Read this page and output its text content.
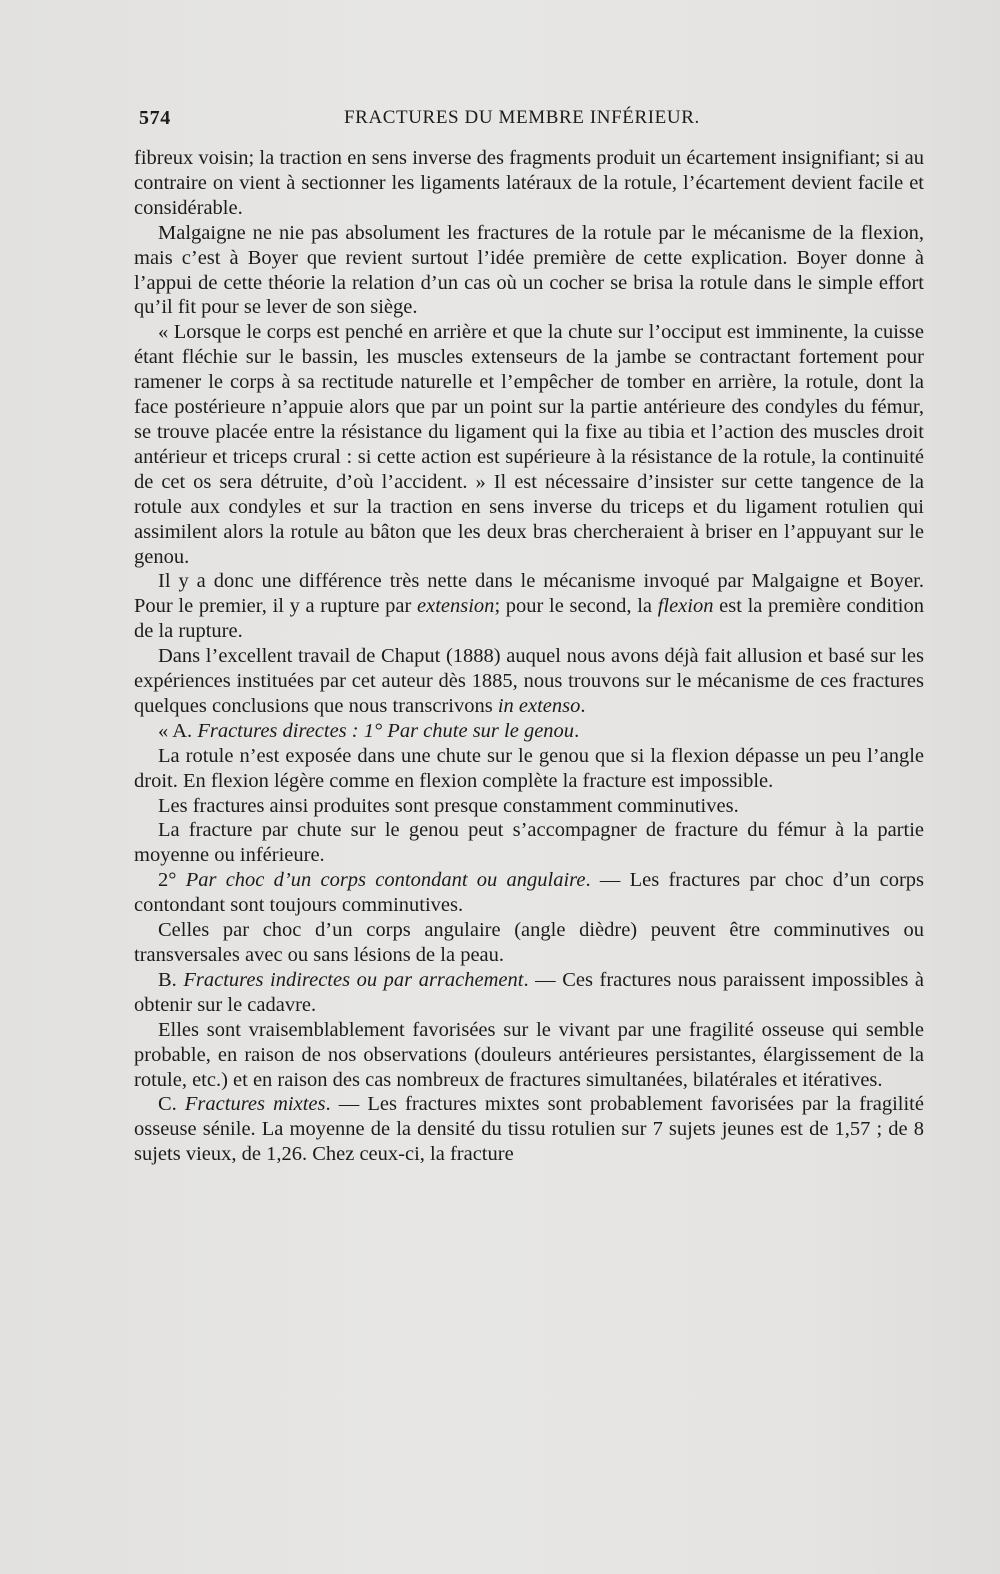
574	FRACTURES DU MEMBRE INFÉRIEUR.

fibreux voisin; la traction en sens inverse des fragments produit un écartement insignifiant; si au contraire on vient à sectionner les ligaments latéraux de la rotule, l’écartement devient facile et considérable.

Malgaigne ne nie pas absolument les fractures de la rotule par le mécanisme de la flexion, mais c’est à Boyer que revient surtout l’idée première de cette explication. Boyer donne à l’appui de cette théorie la relation d’un cas où un cocher se brisa la rotule dans le simple effort qu’il fit pour se lever de son siège.

« Lorsque le corps est penché en arrière et que la chute sur l’occiput est imminente, la cuisse étant fléchie sur le bassin, les muscles extenseurs de la jambe se contractant fortement pour ramener le corps à sa rectitude naturelle et l’empêcher de tomber en arrière, la rotule, dont la face postérieure n’appuie alors que par un point sur la partie antérieure des condyles du fémur, se trouve placée entre la résistance du ligament qui la fixe au tibia et l’action des muscles droit antérieur et triceps crural : si cette action est supérieure à la résistance de la rotule, la continuité de cet os sera détruite, d’où l’accident. » Il est nécessaire d’insister sur cette tangence de la rotule aux condyles et sur la traction en sens inverse du triceps et du ligament rotulien qui assimilent alors la rotule au bâton que les deux bras chercheraient à briser en l’appuyant sur le genou.

Il y a donc une différence très nette dans le mécanisme invoqué par Malgaigne et Boyer. Pour le premier, il y a rupture par extension; pour le second, la flexion est la première condition de la rupture.

Dans l’excellent travail de Chaput (1888) auquel nous avons déjà fait allusion et basé sur les expériences instituées par cet auteur dès 1885, nous trouvons sur le mécanisme de ces fractures quelques conclusions que nous transcrivons in extenso.

« A. Fractures directes : 1° Par chute sur le genou.

La rotule n’est exposée dans une chute sur le genou que si la flexion dépasse un peu l’angle droit. En flexion légère comme en flexion complète la fracture est impossible.

Les fractures ainsi produites sont presque constamment comminutives.

La fracture par chute sur le genou peut s’accompagner de fracture du fémur à la partie moyenne ou inférieure.

2° Par choc d’un corps contondant ou angulaire. — Les fractures par choc d’un corps contondant sont toujours comminutives.

Celles par choc d’un corps angulaire (angle dièdre) peuvent être comminutives ou transversales avec ou sans lésions de la peau.

B. Fractures indirectes ou par arrachement. — Ces fractures nous paraissent impossibles à obtenir sur le cadavre.

Elles sont vraisemblablement favorisées sur le vivant par une fragilité osseuse qui semble probable, en raison de nos observations (douleurs antérieures persistantes, élargissement de la rotule, etc.) et en raison des cas nombreux de fractures simultanées, bilatérales et itératives.

C. Fractures mixtes. — Les fractures mixtes sont probablement favorisées par la fragilité osseuse sénile. La moyenne de la densité du tissu rotulien sur 7 sujets jeunes est de 1,57 ; de 8 sujets vieux, de 1,26. Chez ceux-ci, la fracture
